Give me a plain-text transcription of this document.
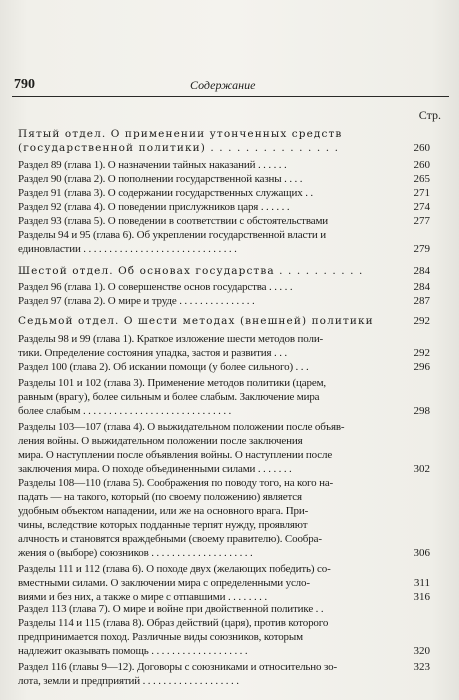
790	Содержание
Стр.
Пятый отдел. О применении утонченных средств
(государственной политики) . . . . . . . . . . . . . . .	260
Раздел 89 (глава 1). О назначении тайных наказаний . . . . . .	260
Раздел 90 (глава 2). О пополнении государственной казны . . . .	265
Раздел 91 (глава 3). О содержании государственных служащих . .	271
Раздел 92 (глава 4). О поведении прислужников царя . . . . . .	274
Раздел 93 (глава 5). О поведении в соответствии с обстоятельствами	277
Разделы 94 и 95 (глава 6). Об укреплении государственной власти и
единовластии . . . . . . . . . . . . . . . . . . . . . . . . . . . . . .	279
Шестой отдел. Об основах государства . . . . . . . . . .	284
Раздел 96 (глава 1). О совершенстве основ государства . . . . .	284
Раздел 97 (глава 2). О мире и труде . . . . . . . . . . . . . . .	287
Седьмой отдел. О шести методах (внешней) политики	292
Разделы 98 и 99 (глава 1). Краткое изложение шести методов поли-
тики. Определение состояния упадка, застоя и развития . . .	292
Раздел 100 (глава 2). Об искании помощи (у более сильного) . . .	296
Разделы 101 и 102 (глава 3). Применение методов политики (царем,
равным (врагу), более сильным и более слабым. Заключение мира
более слабым . . . . . . . . . . . . . . . . . . . . . . . . . . . . .	298
Разделы 103—107 (глава 4). О выжидательном положении после объяв-
ления войны. О выжидательном положении после заключения
мира. О наступлении после объявления войны. О наступлении после
заключения мира. О походе объединенными силами . . . . . . .	302
Разделы 108—110 (глава 5). Соображения по поводу того, на кого на-
падать — на такого, который (по своему положению) является
удобным объектом нападении, или же на основного врага. При-
чины, вследствие которых подданные терпят нужду, проявляют
алчность и становятся враждебными (своему правителю). Сообра-
жения о (выборе) союзников . . . . . . . . . . . . . . . . . . . .	306
Разделы 111 и 112 (глава 6). О походе двух (желающих победить) со-
вместными силами. О заключении мира с определенными усло-	311
виями и без них, а также о мире с отпавшими . . . . . . . .	316
Раздел 113 (глава 7). О мире и войне при двойственной политике . .
Разделы 114 и 115 (глава 8). Образ действий (царя), против которого
предпринимается поход. Различные виды союзников, которым
надлежит оказывать помощь . . . . . . . . . . . . . . . . . . .	320
Раздел 116 (главы 9—12). Договоры с союзниками и относительно зо-	323
лота, земли и предприятий . . . . . . . . . . . . . . . . . . .
